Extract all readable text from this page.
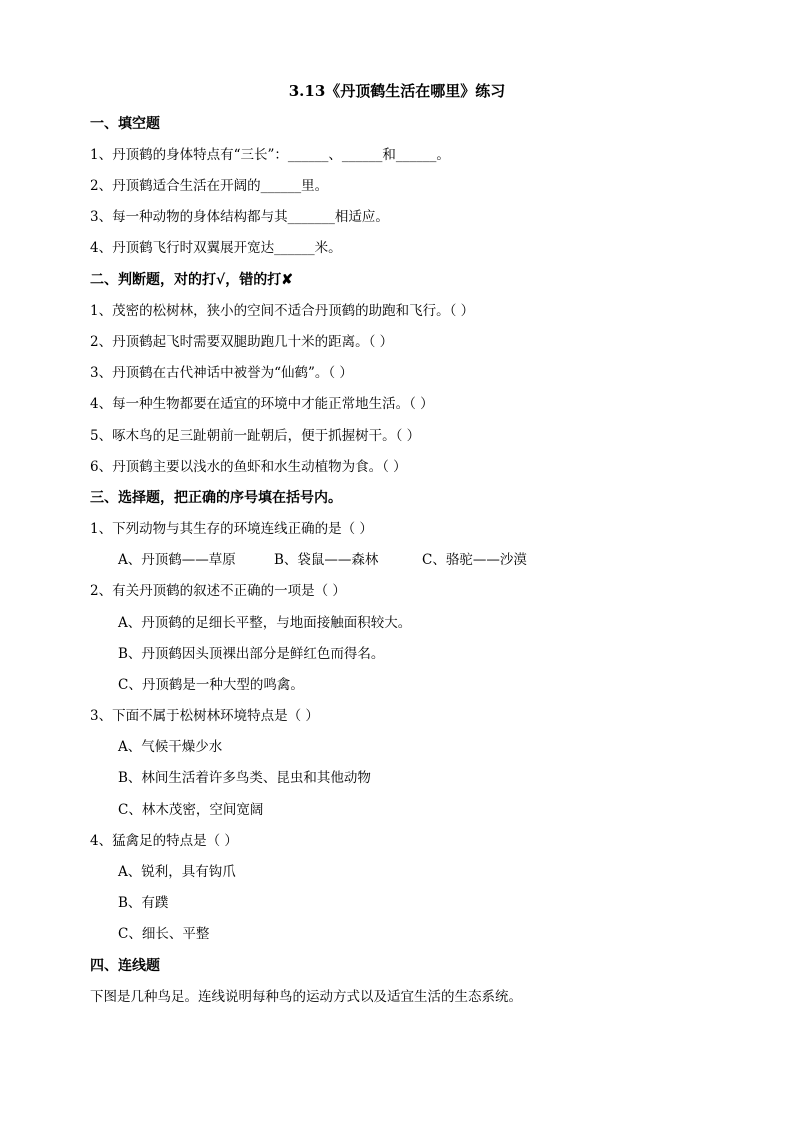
3.13《丹顶鹤生活在哪里》练习
一、填空题
1、丹顶鹤的身体特点有“三长”：______、______和______。
2、丹顶鹤适合生活在开阔的______里。
3、每一种动物的身体结构都与其_______相适应。
4、丹顶鹤飞行时双翼展开宽达______米。
二、判断题，对的打√，错的打✘
1、茂密的松树林，狭小的空间不适合丹顶鹤的助跑和飞行。（ ）
2、丹顶鹤起飞时需要双腿助跑几十米的距离。（ ）
3、丹顶鹤在古代神话中被誉为“仙鹤”。（ ）
4、每一种生物都要在适宜的环境中才能正常地生活。（ ）
5、啄木鸟的足三趾朝前一趾朝后，便于抓握树干。（ ）
6、丹顶鹤主要以浅水的鱼虾和水生动植物为食。（ ）
三、选择题，把正确的序号填在括号内。
1、下列动物与其生存的环境连线正确的是（ ）
A、丹顶鹤——草原	B、袋鼠——森林	C、骆驼——沙漠
2、有关丹顶鹤的叙述不正确的一项是（ ）
A、丹顶鹤的足细长平整，与地面接触面积较大。
B、丹顶鹤因头顶裸出部分是鲜红色而得名。
C、丹顶鹤是一种大型的鸣禽。
3、下面不属于松树林环境特点是（ ）
A、气候干燥少水
B、林间生活着许多鸟类、昆虫和其他动物
C、林木茂密，空间宽阔
4、猛禽足的特点是（ ）
A、锐利，具有钩爪
B、有蹼
C、细长、平整
四、连线题
下图是几种鸟足。连线说明每种鸟的运动方式以及适宜生活的生态系统。
